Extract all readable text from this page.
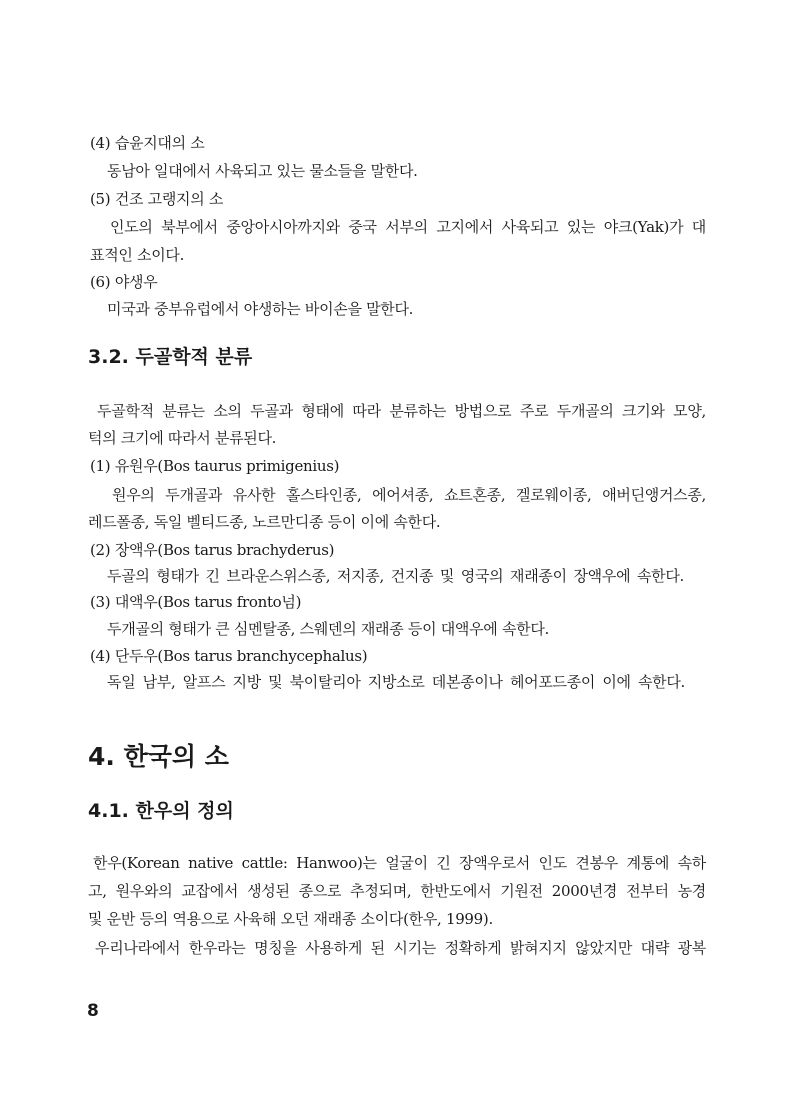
(4) 습윤지대의 소
동남아 일대에서 사육되고 있는 물소들을 말한다.
(5) 건조 고랭지의 소
인도의 북부에서 중앙아시아까지와 중국 서부의 고지에서 사육되고 있는 야크(Yak)가 대
표적인 소이다.
(6) 야생우
미국과 중부유럽에서 야생하는 바이손을 말한다.
3.2. 두골학적 분류
두골학적 분류는 소의 두골과 형태에 따라 분류하는 방법으로 주로 두개골의 크기와 모양,
턱의 크기에 따라서 분류된다.
(1) 유원우(Bos taurus primigenius)
원우의 두개골과 유사한 홀스타인종, 에어셔종, 쇼트혼종, 겔로웨이종, 애버딘앵거스종,
레드폴종, 독일 벨티드종, 노르만디종 등이 이에 속한다.
(2) 장액우(Bos tarus brachyderus)
두골의 형태가 긴 브라운스위스종, 저지종, 건지종 및 영국의 재래종이 장액우에 속한다.
(3) 대액우(Bos tarus fronto넘)
두개골의 형태가 큰 심멘탈종, 스웨덴의 재래종 등이 대액우에 속한다.
(4) 단두우(Bos tarus branchycephalus)
독일 남부, 알프스 지방 및 북이탈리아 지방소로 데본종이나 헤어포드종이 이에 속한다.
4. 한국의 소
4.1. 한우의 정의
한우(Korean native cattle: Hanwoo)는 얼굴이 긴 장액우로서 인도 견봉우 계통에 속하
고, 원우와의 교잡에서 생성된 종으로 추정되며, 한반도에서 기원전 2000년경 전부터 농경
및 운반 등의 역용으로 사육해 오던 재래종 소이다(한우, 1999).
우리나라에서 한우라는 명칭을 사용하게 된 시기는 정확하게 밝혀지지 않았지만 대략 광복
8
